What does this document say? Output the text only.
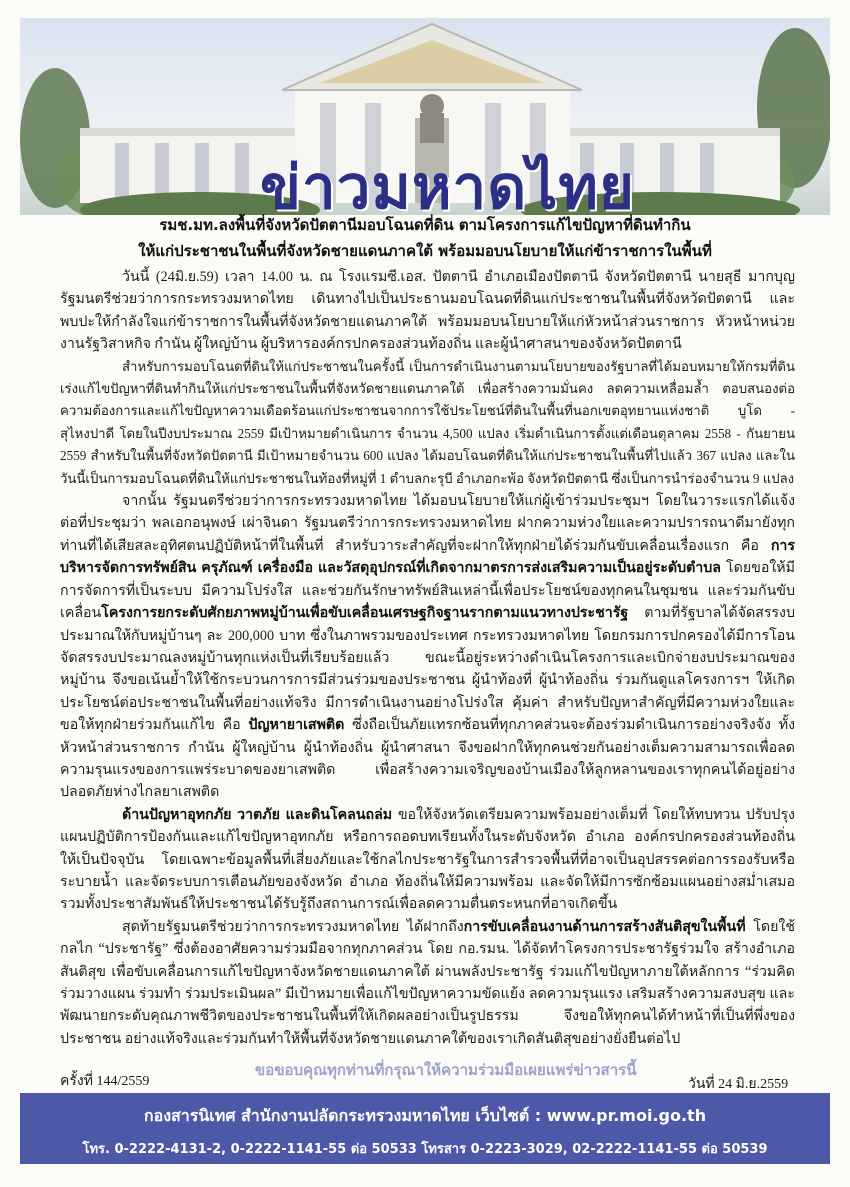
ข่าวมหาดไทย
รมช.มท.ลงพื้นที่จังหวัดปัตตานีมอบโฉนดที่ดิน ตามโครงการแก้ไขปัญหาที่ดินทำกิน
ให้แก่ประชาชนในพื้นที่จังหวัดชายแดนภาคใต้ พร้อมมอบนโยบายให้แก่ข้าราชการในพื้นที่

วันนี้ (24มิ.ย.59) เวลา 14.00 น. ณ โรงแรมซี.เอส. ปัตตานี อำเภอเมืองปัตตานี จังหวัดปัตตานี นายสุธี มากบุญ รัฐมนตรีช่วยว่าการกระทรวงมหาดไทย เดินทางไปเป็นประธานมอบโฉนดที่ดินแก่ประชาชนในพื้นที่จังหวัดปัตตานี และพบปะให้กำลังใจแก่ข้าราชการในพื้นที่จังหวัดชายแดนภาคใต้ พร้อมมอบนโยบายให้แก่หัวหน้าส่วนราชการ หัวหน้าหน่วยงานรัฐวิสาหกิจ กำนัน ผู้ใหญ่บ้าน ผู้บริหารองค์กรปกครองส่วนท้องถิ่น และผู้นำศาสนาของจังหวัดปัตตานี

สำหรับการมอบโฉนดที่ดินให้แก่ประชาชนในครั้งนี้ เป็นการดำเนินงานตามนโยบายของรัฐบาลที่ได้มอบหมายให้กรมที่ดินเร่งแก้ไขปัญหาที่ดินทำกินให้แก่ประชาชนในพื้นที่จังหวัดชายแดนภาคใต้ เพื่อสร้างความมั่นคง ลดความเหลื่อมล้ำ ตอบสนองต่อความต้องการและแก้ไขปัญหาความเดือดร้อนแก่ประชาชนจากการใช้ประโยชน์ที่ดินในพื้นที่นอกเขตอุทยานแห่งชาติ บูโด - สุไหงปาดี โดยในปีงบประมาณ 2559 มีเป้าหมายดำเนินการ จำนวน 4,500 แปลง เริ่มดำเนินการตั้งแต่เดือนตุลาคม 2558 - กันยายน 2559 สำหรับในพื้นที่จังหวัดปัตตานี มีเป้าหมายจำนวน 600 แปลง ได้มอบโฉนดที่ดินให้แก่ประชาชนในพื้นที่ไปแล้ว 367 แปลง และในวันนี้เป็นการมอบโฉนดที่ดินให้แก่ประชาชนในท้องที่หมู่ที่ 1 ตำบลกะรุบี อำเภอกะพ้อ จังหวัดปัตตานี ซึ่งเป็นการนำร่องจำนวน 9 แปลง

จากนั้น รัฐมนตรีช่วยว่าการกระทรวงมหาดไทย ได้มอบนโยบายให้แก่ผู้เข้าร่วมประชุมฯ โดยในวาระแรกได้แจ้งต่อที่ประชุมว่า พลเอกอนุพงษ์ เผ่าจินดา รัฐมนตรีว่าการกระทรวงมหาดไทย ฝากความห่วงใยและความปรารถนาดีมายังทุกท่านที่ได้เสียสละอุทิศตนปฏิบัติหน้าที่ในพื้นที่ สำหรับวาระสำคัญที่จะฝากให้ทุกฝ่ายได้ร่วมกันขับเคลื่อนเรื่องแรก คือ การบริหารจัดการทรัพย์สิน ครุภัณฑ์ เครื่องมือ และวัสดุอุปกรณ์ที่เกิดจากมาตรการส่งเสริมความเป็นอยู่ระดับตำบล โดยขอให้มีการจัดการที่เป็นระบบ มีความโปร่งใส และช่วยกันรักษาทรัพย์สินเหล่านี้เพื่อประโยชน์ของทุกคนในชุมชน และร่วมกันขับเคลื่อนโครงการยกระดับศักยภาพหมู่บ้านเพื่อขับเคลื่อนเศรษฐกิจฐานรากตามแนวทางประชารัฐ ตามที่รัฐบาลได้จัดสรรงบประมาณให้กับหมู่บ้านๆ ละ 200,000 บาท ซึ่งในภาพรวมของประเทศ กระทรวงมหาดไทย โดยกรมการปกครองได้มีการโอนจัดสรรงบประมาณลงหมู่บ้านทุกแห่งเป็นที่เรียบร้อยแล้ว ขณะนี้อยู่ระหว่างดำเนินโครงการและเบิกจ่ายงบประมาณของหมู่บ้าน จึงขอเน้นย้ำให้ใช้กระบวนการการมีส่วนร่วมของประชาชน ผู้นำท้องที่ ผู้นำท้องถิ่น ร่วมกันดูแลโครงการฯ ให้เกิดประโยชน์ต่อประชาชนในพื้นที่อย่างแท้จริง มีการดำเนินงานอย่างโปร่งใส คุ้มค่า สำหรับปัญหาสำคัญที่มีความห่วงใยและขอให้ทุกฝ่ายร่วมกันแก้ไข คือ ปัญหายาเสพติด ซึ่งถือเป็นภัยแทรกซ้อนที่ทุกภาคส่วนจะต้องร่วมดำเนินการอย่างจริงจัง ทั้งหัวหน้าส่วนราชการ กำนัน ผู้ใหญ่บ้าน ผู้นำท้องถิ่น ผู้นำศาสนา จึงขอฝากให้ทุกคนช่วยกันอย่างเต็มความสามารถเพื่อลดความรุนแรงของการแพร่ระบาดของยาเสพติด เพื่อสร้างความเจริญของบ้านเมืองให้ลูกหลานของเราทุกคนได้อยู่อย่างปลอดภัยห่างไกลยาเสพติด

ด้านปัญหาอุทกภัย วาตภัย และดินโคลนถล่ม ขอให้จังหวัดเตรียมความพร้อมอย่างเต็มที่ โดยให้ทบทวน ปรับปรุงแผนปฏิบัติการป้องกันและแก้ไขปัญหาอุทกภัย หรือการถอดบทเรียนทั้งในระดับจังหวัด อำเภอ องค์กรปกครองส่วนท้องถิ่น ให้เป็นปัจจุบัน โดยเฉพาะข้อมูลพื้นที่เสี่ยงภัยและใช้กลไกประชารัฐในการสำรวจพื้นที่ที่อาจเป็นอุปสรรคต่อการรองรับหรือระบายน้ำ และจัดระบบการเตือนภัยของจังหวัด อำเภอ ท้องถิ่นให้มีความพร้อม และจัดให้มีการซักซ้อมแผนอย่างสม่ำเสมอ รวมทั้งประชาสัมพันธ์ให้ประชาชนได้รับรู้ถึงสถานการณ์เพื่อลดความตื่นตระหนกที่อาจเกิดขึ้น

สุดท้ายรัฐมนตรีช่วยว่าการกระทรวงมหาดไทย ได้ฝากถึงการขับเคลื่อนงานด้านการสร้างสันติสุขในพื้นที่ โดยใช้กลไก “ประชารัฐ” ซึ่งต้องอาศัยความร่วมมือจากทุกภาคส่วน โดย กอ.รมน. ได้จัดทำโครงการประชารัฐร่วมใจ สร้างอำเภอสันติสุข เพื่อขับเคลื่อนการแก้ไขปัญหาจังหวัดชายแดนภาคใต้ ผ่านพลังประชารัฐ ร่วมแก้ไขปัญหาภายใต้หลักการ “ร่วมคิด ร่วมวางแผน ร่วมทำ ร่วมประเมินผล” มีเป้าหมายเพื่อแก้ไขปัญหาความขัดแย้ง ลดความรุนแรง เสริมสร้างความสงบสุข และพัฒนายกระดับคุณภาพชีวิตของประชาชนในพื้นที่ให้เกิดผลอย่างเป็นรูปธรรม จึงขอให้ทุกคนได้ทำหน้าที่เป็นที่พึ่งของประชาชน อย่างแท้จริงและร่วมกันทำให้พื้นที่จังหวัดชายแดนภาคใต้ของเราเกิดสันติสุขอย่างยั่งยืนต่อไป

ขอขอบคุณทุกท่านที่กรุณาให้ความร่วมมือเผยแพร่ข่าวสารนี้
ครั้งที่ 144/2559	วันที่ 24 มิ.ย.2559
กองสารนิเทศ สำนักงานปลัดกระทรวงมหาดไทย เว็บไซต์ : www.pr.moi.go.th
โทร. 0-2222-4131-2, 0-2222-1141-55 ต่อ 50533 โทรสาร 0-2223-3029, 02-2222-1141-55 ต่อ 50539
